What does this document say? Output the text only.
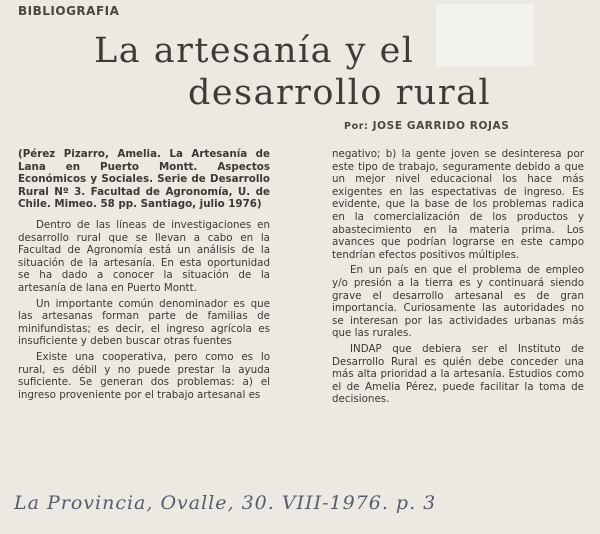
BIBLIOGRAFIA
La artesanía y el
desarrollo rural
Por: JOSE GARRIDO ROJAS

(Pérez Pizarro, Amelia. La Artesanía de Lana en Puerto Montt. Aspectos Económicos y Sociales. Serie de Desarrollo Rural Nº 3. Facultad de Agronomía, U. de Chile. Mimeo. 58 pp. Santiago, julio 1976)

Dentro de las líneas de investigaciones en desarrollo rural que se llevan a cabo en la Facultad de Agronomía está un análisis de la situación de la artesanía. En esta oportunidad se ha dado a conocer la situación de la artesanía de lana en Puerto Montt.

Un importante común denominador es que las artesanas forman parte de familias de minifundistas; es decir, el ingreso agrícola es insuficiente y deben buscar otras fuentes

Existe una cooperativa, pero como es lo rural, es débil y no puede prestar la ayuda suficiente. Se generan dos problemas: a) el ingreso proveniente por el trabajo artesanal es

negativo; b) la gente joven se desinteresa por este tipo de trabajo, seguramente debido a que un mejor nivel educacional los hace más exigentes en las espectativas de ingreso. Es evidente, que la base de los problemas radica en la comercialización de los productos y abastecimiento en la materia prima. Los avances que podrían lograrse en este campo tendrían efectos positivos múltiples.

En un país en que el problema de empleo y/o presión a la tierra es y continuará siendo grave el desarrollo artesanal es de gran importancia. Curiosamente las autoridades no se interesan por las actividades urbanas más que las rurales.

INDAP que debiera ser el Instituto de Desarrollo Rural es quién debe conceder una más alta prioridad a la artesanía. Estudios como el de Amelia Pérez, puede facilitar la toma de decisiones.

La Provincia, Ovalle, 30. VIII-1976. p. 3
